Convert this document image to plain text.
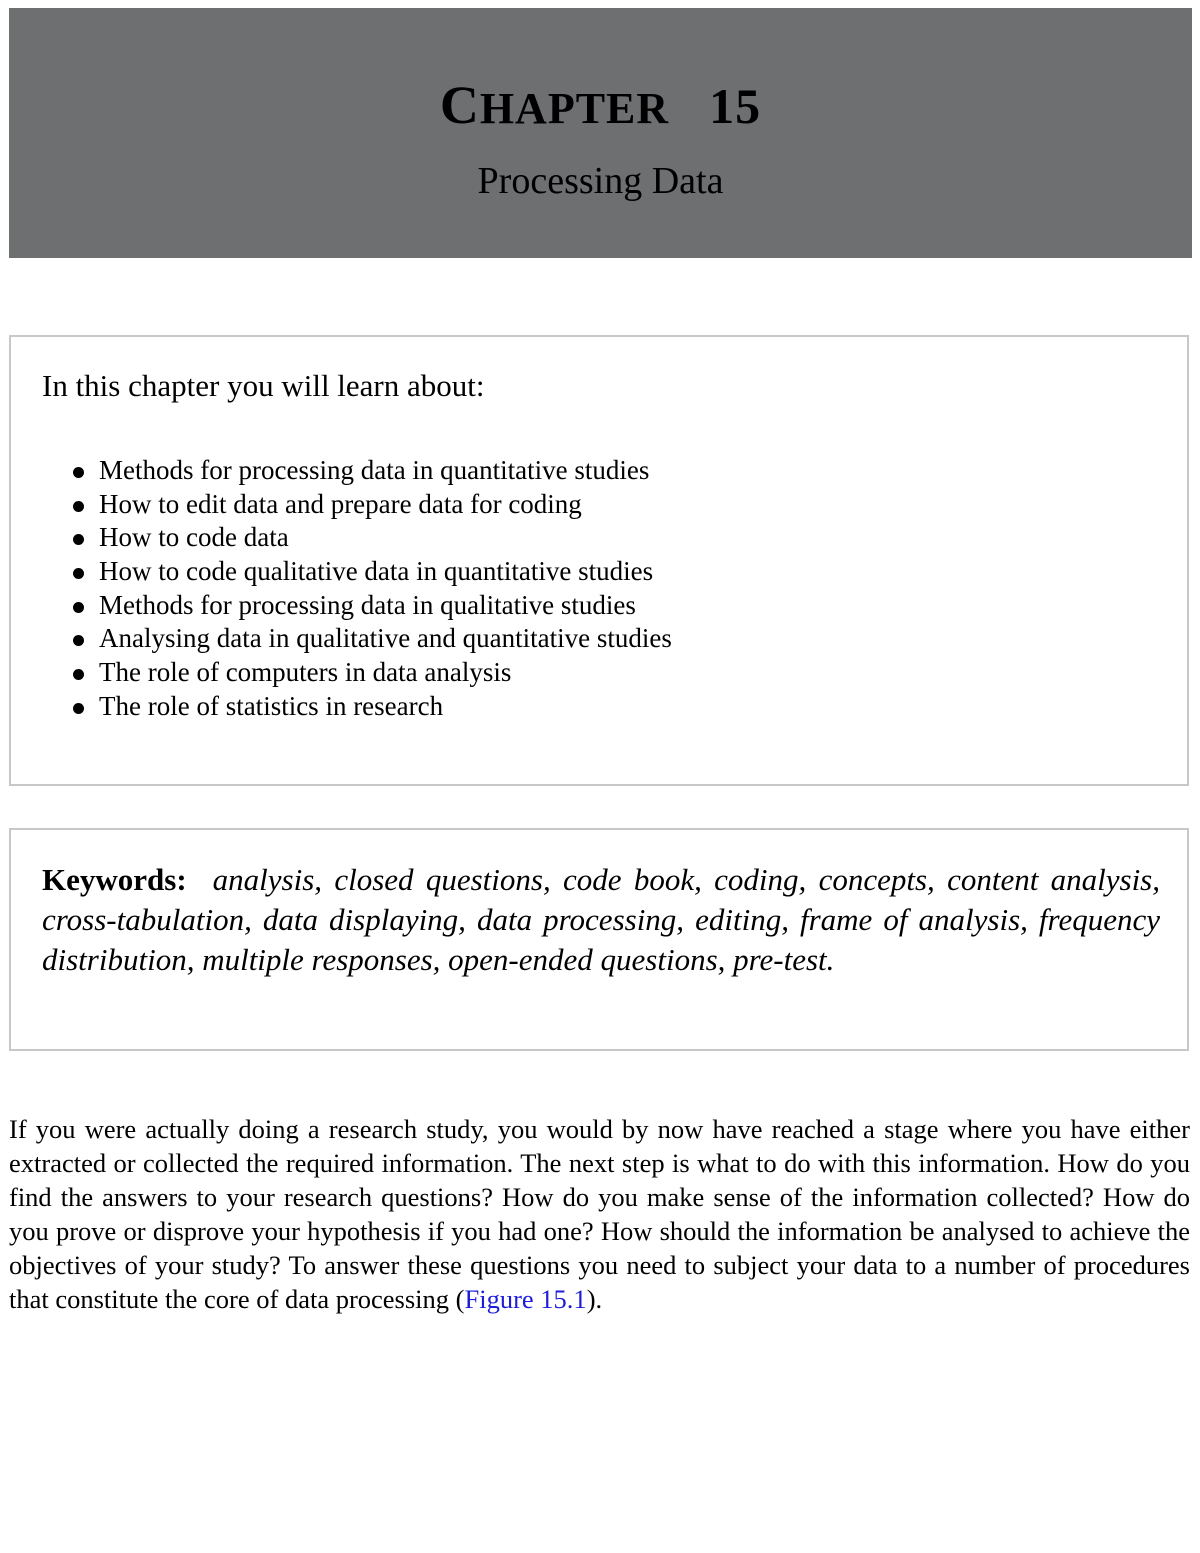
CHAPTER 15
Processing Data
In this chapter you will learn about:
Methods for processing data in quantitative studies
How to edit data and prepare data for coding
How to code data
How to code qualitative data in quantitative studies
Methods for processing data in qualitative studies
Analysing data in qualitative and quantitative studies
The role of computers in data analysis
The role of statistics in research
Keywords: analysis, closed questions, code book, coding, concepts, content analysis, cross-tabulation, data displaying, data processing, editing, frame of analysis, frequency distribution, multiple responses, open-ended questions, pre-test.

If you were actually doing a research study, you would by now have reached a stage where you have either extracted or collected the required information. The next step is what to do with this information. How do you find the answers to your research questions? How do you make sense of the information collected? How do you prove or disprove your hypothesis if you had one? How should the information be analysed to achieve the objectives of your study? To answer these questions you need to subject your data to a number of procedures that constitute the core of data processing (Figure 15.1).
